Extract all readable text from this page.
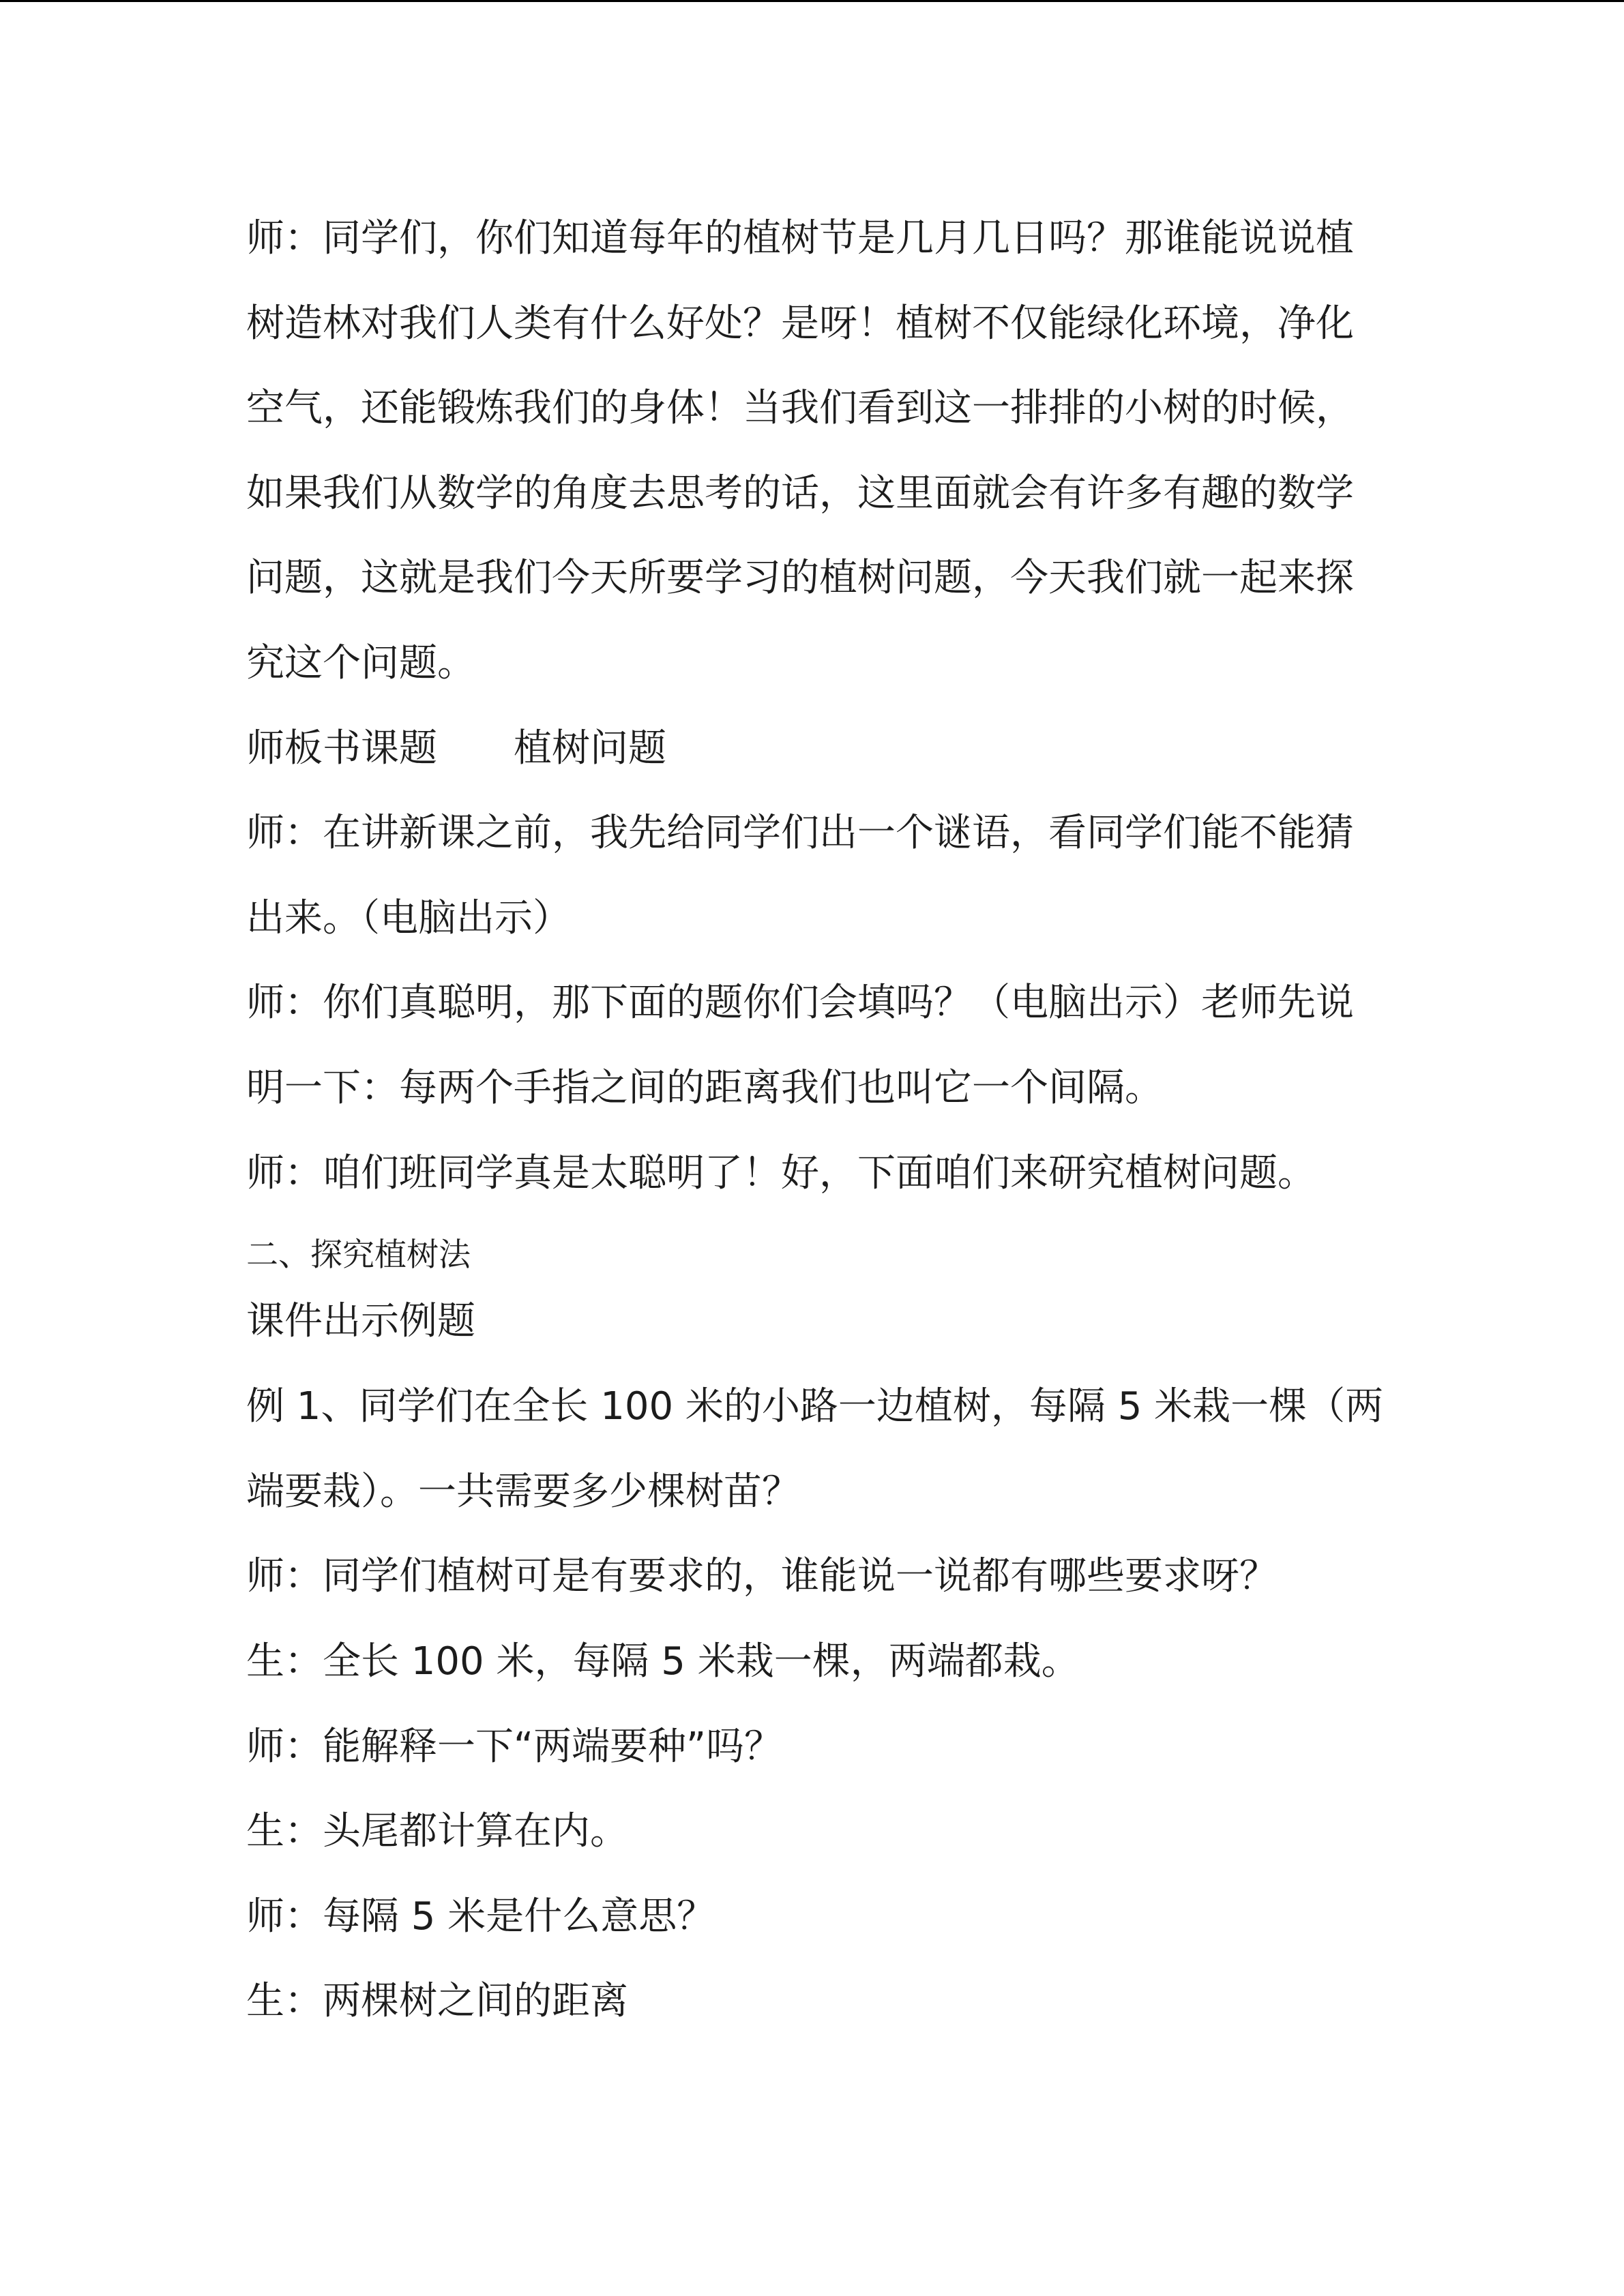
师：同学们，你们知道每年的植树节是几月几日吗？那谁能说说植
树造林对我们人类有什么好处？是呀！植树不仅能绿化环境，净化
空气，还能锻炼我们的身体！当我们看到这一排排的小树的时候，
如果我们从数学的角度去思考的话，这里面就会有许多有趣的数学
问题，这就是我们今天所要学习的植树问题，今天我们就一起来探
究这个问题。
师板书课题　　植树问题
师：在讲新课之前，我先给同学们出一个谜语，看同学们能不能猜
出来。（电脑出示）
师：你们真聪明，那下面的题你们会填吗？（电脑出示）老师先说
明一下：每两个手指之间的距离我们也叫它一个间隔。
师：咱们班同学真是太聪明了！好，下面咱们来研究植树问题。
二、探究植树法
课件出示例题
例 1、同学们在全长 100 米的小路一边植树，每隔 5 米栽一棵（两
端要栽）。一共需要多少棵树苗？
师：同学们植树可是有要求的，谁能说一说都有哪些要求呀？
生：全长 100 米，每隔 5 米栽一棵，两端都栽。
师：能解释一下“两端要种”吗？
生：头尾都计算在内。
师：每隔 5 米是什么意思？
生：两棵树之间的距离
